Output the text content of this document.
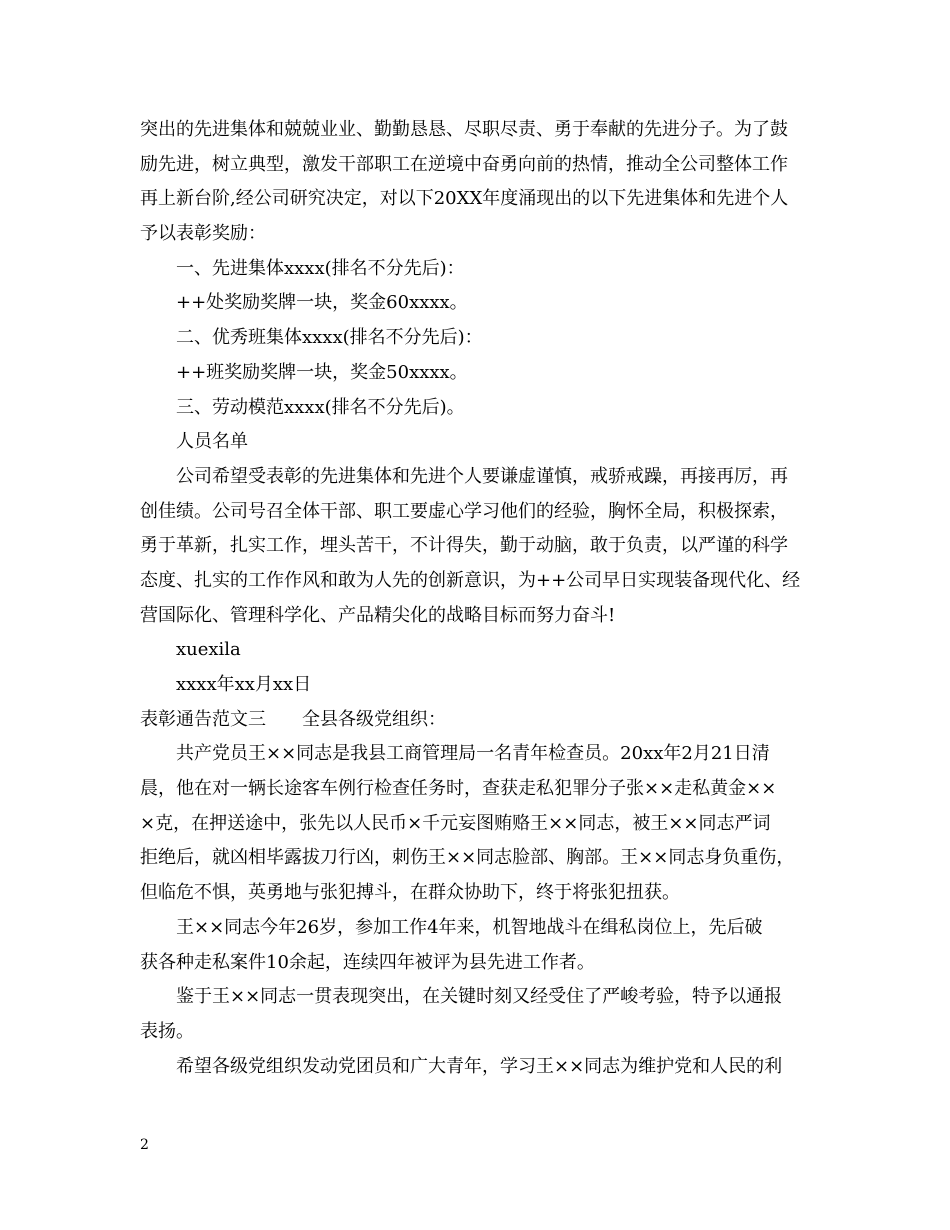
突出的先进集体和兢兢业业、勤勤恳恳、尽职尽责、勇于奉献的先进分子。为了鼓
励先进，树立典型，激发干部职工在逆境中奋勇向前的热情，推动全公司整体工作
再上新台阶,经公司研究决定，对以下20XX年度涌现出的以下先进集体和先进个人
予以表彰奖励：
一、先进集体xxxx(排名不分先后)：
++处奖励奖牌一块，奖金60xxxx。
二、优秀班集体xxxx(排名不分先后)：
++班奖励奖牌一块，奖金50xxxx。
三、劳动模范xxxx(排名不分先后)。
人员名单
公司希望受表彰的先进集体和先进个人要谦虚谨慎，戒骄戒躁，再接再厉，再
创佳绩。公司号召全体干部、职工要虚心学习他们的经验，胸怀全局，积极探索，
勇于革新，扎实工作，埋头苦干，不计得失，勤于动脑，敢于负责，以严谨的科学
态度、扎实的工作作风和敢为人先的创新意识，为++公司早日实现装备现代化、经
营国际化、管理科学化、产品精尖化的战略目标而努力奋斗!
xuexila
xxxx年xx月xx日
表彰通告范文三 全县各级党组织：
共产党员王××同志是我县工商管理局一名青年检查员。20xx年2月21日清
晨，他在对一辆长途客车例行检查任务时，查获走私犯罪分子张××走私黄金××
×克，在押送途中，张先以人民币×千元妄图贿赂王××同志，被王××同志严词
拒绝后，就凶相毕露拔刀行凶，刺伤王××同志脸部、胸部。王××同志身负重伤，
但临危不惧，英勇地与张犯搏斗，在群众协助下，终于将张犯扭获。
王××同志今年26岁，参加工作4年来，机智地战斗在缉私岗位上，先后破
获各种走私案件10余起，连续四年被评为县先进工作者。
鉴于王××同志一贯表现突出，在关键时刻又经受住了严峻考验，特予以通报
表扬。
希望各级党组织发动党团员和广大青年，学习王××同志为维护党和人民的利
2
